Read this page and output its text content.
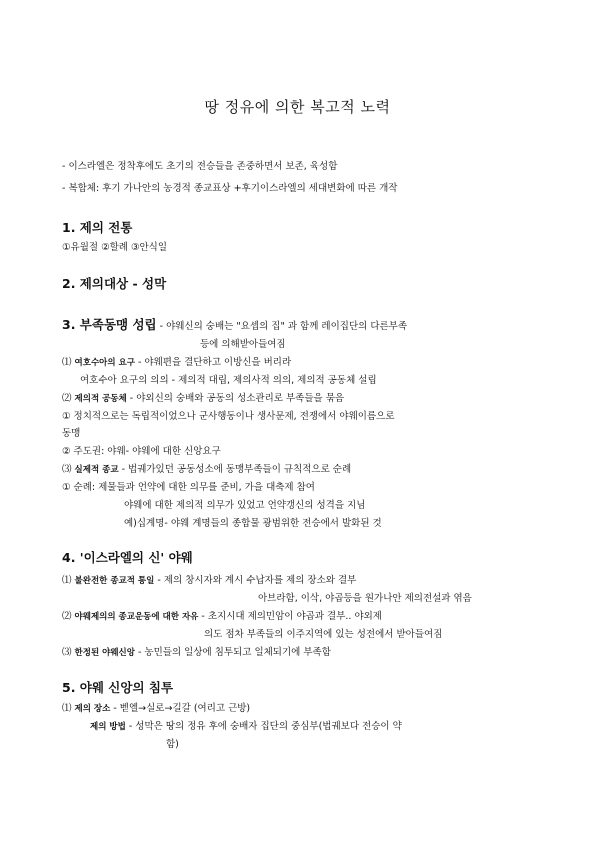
땅 정유에 의한 복고적 노력
- 이스라엘은 정착후에도 초기의 전승들을 존중하면서 보존, 육성함
- 복합체: 후기 가나안의 농경적 종교표상 +후기이스라엘의 세대변화에 따른 개작
1. 제의 전통
①유월절 ②할례 ③안식일
2. 제의대상 - 성막
3. 부족동맹 성립 - 야웨신의 숭배는 "요셉의 집" 과 함께 레이집단의 다른부족
등에 의해받아들여짐
⑴ 여호수아의 요구 - 야웨편을 결단하고 이방신을 버리라
여호수아 요구의 의의 - 제의적 대립, 제의사적 의의, 제의적 공동체 설립
⑵ 제의적 공동체 - 야외신의 숭배와 공동의 성소관리로 부족들을 묶음
① 정치적으로는 독립적이었으나 군사행동이나 생사문제, 전쟁에서 야웨이름으로
동맹
② 주도권: 야웨- 야웨에 대한 신앙요구
⑶ 실제적 종교 - 법궤가있던 공동성소에 동맹부족들이 규칙적으로 순례
① 순례: 제물들과 언약에 대한 의무를 준비, 가을 대축제 참여
야웨에 대한 제의적 의무가 있었고 언약갱신의 성격을 지님
예)십계명- 야웨 계명들의 종합물 광범위한 전승에서 발화된 것
4. '이스라엘의 신' 야웨
⑴ 불완전한 종교적 통일 - 제의 창시자와 계시 수납자를 제의 장소와 결부
아브라함, 이삭, 야곱등을 원가나안 제의전설과 엮음
⑵ 야웨제의의 종교운동에 대한 자유 - 초지시대 제의민암이 야곱과 결부.. 야외제
의도 점차 부족들의 이주지역에 있는 성전에서 받아들여짐
⑶ 한정된 야웨신앙 - 농민들의 일상에 침투되고 일체되기에 부족함
5. 야웨 신앙의 침투
⑴ 제의 장소 - 벧엘→실로→길갈 (여리고 근방)
제의 방법 - 성막은 땅의 정유 후에 숭배자 집단의 중심부(법궤보다 전승이 약
함)
